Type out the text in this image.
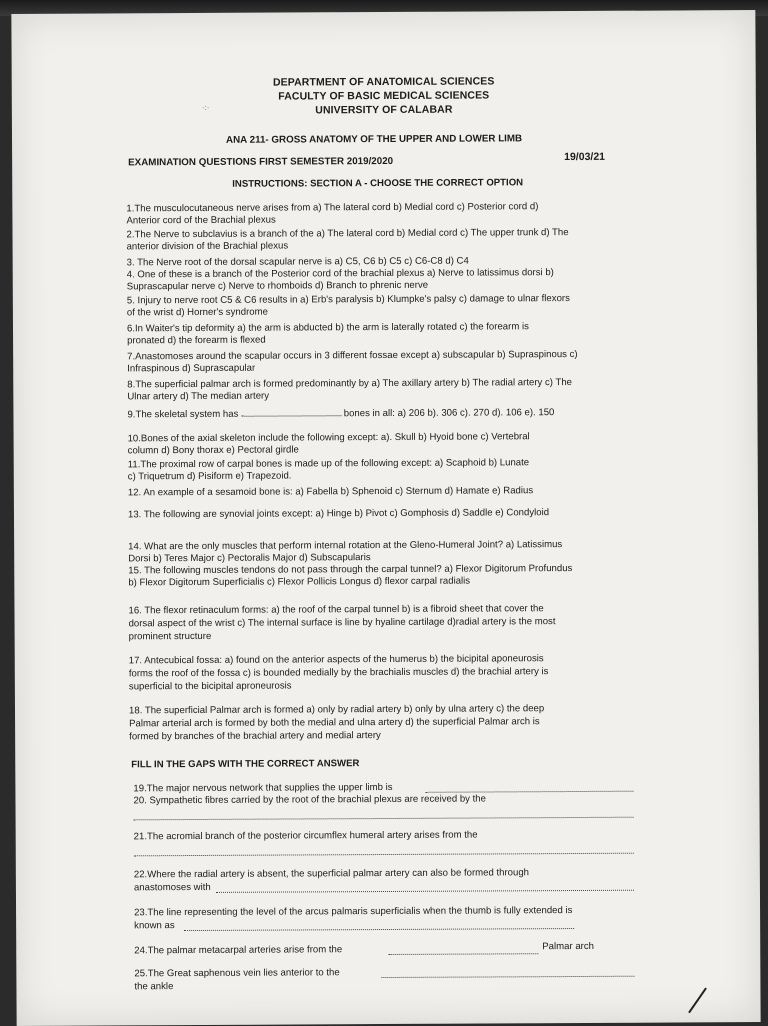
DEPARTMENT OF ANATOMICAL SCIENCES
FACULTY OF BASIC MEDICAL SCIENCES
UNIVERSITY OF CALABAR
ANA 211- GROSS ANATOMY OF THE UPPER AND LOWER LIMB
EXAMINATION QUESTIONS FIRST SEMESTER 2019/2020	19/03/21
INSTRUCTIONS: SECTION A - CHOOSE THE CORRECT OPTION
1.The musculocutaneous nerve arises from a) The lateral cord b) Medial cord c) Posterior cord d)
Anterior cord of the Brachial plexus
2.The Nerve to subclavius is a branch of the a) The lateral cord b) Medial cord c) The upper trunk d) The
anterior division of the Brachial plexus
3. The Nerve root of the dorsal scapular nerve is a) C5, C6 b) C5 c) C6-C8 d) C4
4. One of these is a branch of the Posterior cord of the brachial plexus a) Nerve to latissimus dorsi b)
Suprascapular nerve c) Nerve to rhomboids d) Branch to phrenic nerve
5. Injury to nerve root C5 & C6 results in a) Erb's paralysis b) Klumpke's palsy c) damage to ulnar flexors
of the wrist d) Horner's syndrome
6.In Waiter's tip deformity a) the arm is abducted b) the arm is laterally rotated c) the forearm is
pronated d) the forearm is flexed
7.Anastomoses around the scapular occurs in 3 different fossae except a) subscapular b) Supraspinous c)
Infraspinous d) Suprascapular
8.The superficial palmar arch is formed predominantly by a) The axillary artery b) The radial artery c) The
Ulnar artery d) The median artery
9.The skeletal system has	bones in all: a) 206 b). 306 c). 270 d). 106 e). 150
10.Bones of the axial skeleton include the following except: a). Skull b) Hyoid bone c) Vertebral
column d) Bony thorax e) Pectoral girdle
11.The proximal row of carpal bones is made up of the following except: a) Scaphoid b) Lunate
c) Triquetrum d) Pisiform e) Trapezoid.
12. An example of a sesamoid bone is: a) Fabella b) Sphenoid c) Sternum d) Hamate e) Radius
13. The following are synovial joints except: a) Hinge b) Pivot c) Gomphosis d) Saddle e) Condyloid
14. What are the only muscles that perform internal rotation at the Gleno-Humeral Joint? a) Latissimus
Dorsi b) Teres Major c) Pectoralis Major d) Subscapularis
15. The following muscles tendons do not pass through the carpal tunnel? a) Flexor Digitorum Profundus
b) Flexor Digitorum Superficialis c) Flexor Pollicis Longus d) flexor carpal radialis
16. The flexor retinaculum forms: a) the roof of the carpal tunnel b) is a fibroid sheet that cover the
dorsal aspect of the wrist c) The internal surface is line by hyaline cartilage d)radial artery is the most
prominent structure
17. Antecubical fossa: a) found on the anterior aspects of the humerus b) the bicipital aponeurosis
forms the roof of the fossa c) is bounded medially by the brachialis muscles d) the brachial artery is
superficial to the bicipital aproneurosis
18. The superficial Palmar arch is formed a) only by radial artery b) only by ulna artery c) the deep
Palmar arterial arch is formed by both the medial and ulna artery d) the superficial Palmar arch is
formed by branches of the brachial artery and medial artery
FILL IN THE GAPS WITH THE CORRECT ANSWER
19.The major nervous network that supplies the upper limb is
20. Sympathetic fibres carried by the root of the brachial plexus are received by the
21.The acromial branch of the posterior circumflex humeral artery arises from the
22.Where the radial artery is absent, the superficial palmar artery can also be formed through
anastomoses with
23.The line representing the level of the arcus palmaris superficialis when the thumb is fully extended is
known as
24.The palmar metacarpal arteries arise from the	Palmar arch
25.The Great saphenous vein lies anterior to the
the ankle
·:·
